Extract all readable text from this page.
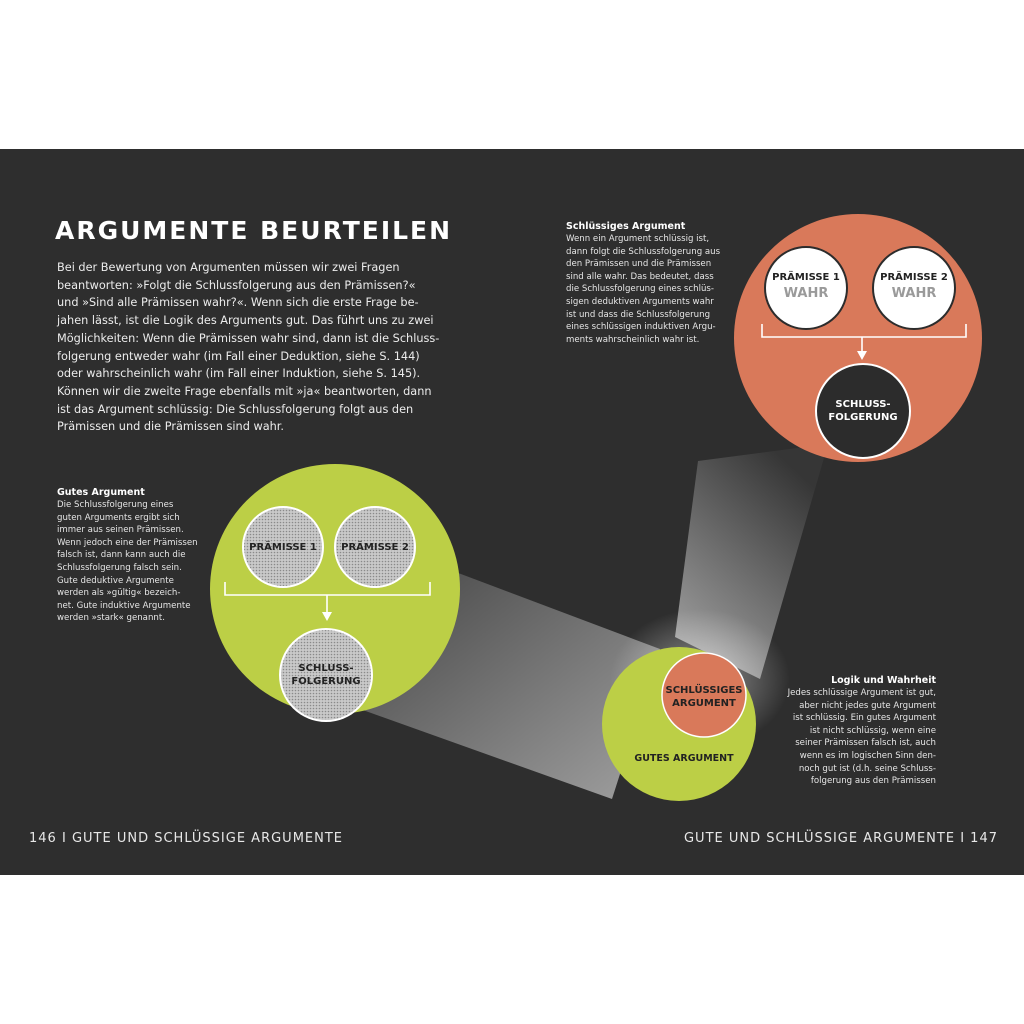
ARGUMENTE BEURTEILEN
Bei der Bewertung von Argumenten müssen wir zwei Fragen
beantworten: »Folgt die Schlussfolgerung aus den Prämissen?«
und »Sind alle Prämissen wahr?«. Wenn sich die erste Frage be-
jahen lässt, ist die Logik des Arguments gut. Das führt uns zu zwei
Möglichkeiten: Wenn die Prämissen wahr sind, dann ist die Schluss-
folgerung entweder wahr (im Fall einer Deduktion, siehe S. 144)
oder wahrscheinlich wahr (im Fall einer Induktion, siehe S. 145).
Können wir die zweite Frage ebenfalls mit »ja« beantworten, dann
ist das Argument schlüssig: Die Schlussfolgerung folgt aus den
Prämissen und die Prämissen sind wahr.
Gutes Argument
Die Schlussfolgerung eines
guten Arguments ergibt sich
immer aus seinen Prämissen.
Wenn jedoch eine der Prämissen
falsch ist, dann kann auch die
Schlussfolgerung falsch sein.
Gute deduktive Argumente
werden als »gültig« bezeich-
net. Gute induktive Argumente
werden »stark« genannt.
Schlüssiges Argument
Wenn ein Argument schlüssig ist,
dann folgt die Schlussfolgerung aus
den Prämissen und die Prämissen
sind alle wahr. Das bedeutet, dass
die Schlussfolgerung eines schlüs-
sigen deduktiven Arguments wahr
ist und dass die Schlussfolgerung
eines schlüssigen induktiven Argu-
ments wahrscheinlich wahr ist.
Logik und Wahrheit
Jedes schlüssige Argument ist gut,
aber nicht jedes gute Argument
ist schlüssig. Ein gutes Argument
ist nicht schlüssig, wenn eine
seiner Prämissen falsch ist, auch
wenn es im logischen Sinn den-
noch gut ist (d.h. seine Schluss-
folgerung aus den Prämissen
PRÄMISSE 1	PRÄMISSE 2
SCHLUSS-
FOLGERUNG
PRÄMISSE 1
WAHR
PRÄMISSE 2
WAHR
SCHLUSS-
FOLGERUNG
SCHLÜSSIGES
ARGUMENT
GUTES ARGUMENT
146 I GUTE UND SCHLÜSSIGE ARGUMENTE	GUTE UND SCHLÜSSIGE ARGUMENTE I 147
